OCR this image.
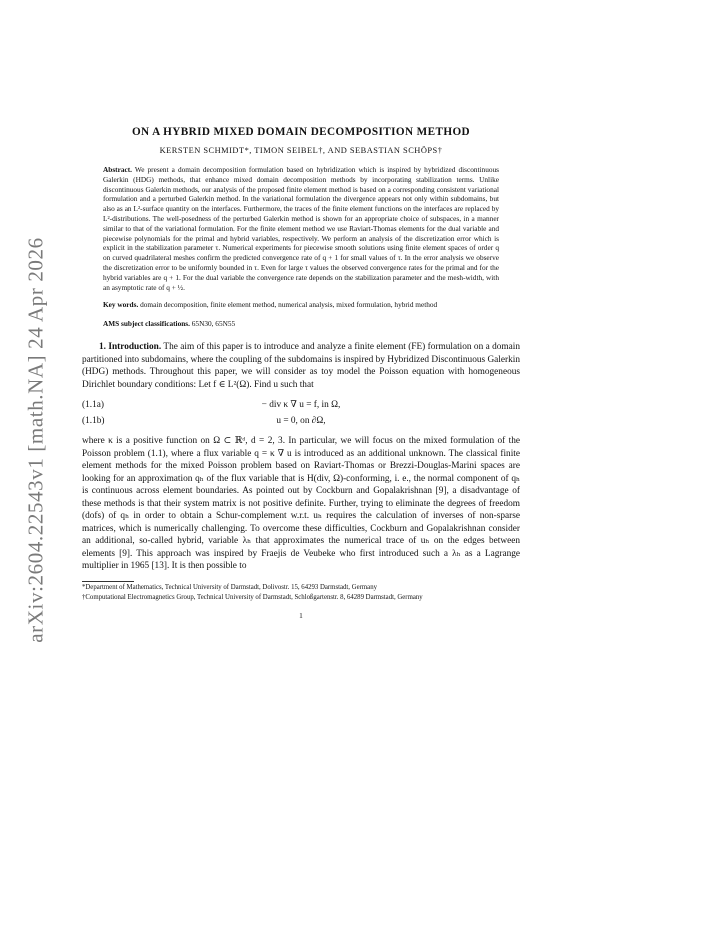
arXiv:2604.22543v1 [math.NA] 24 Apr 2026
ON A HYBRID MIXED DOMAIN DECOMPOSITION METHOD
KERSTEN SCHMIDT*, TIMON SEIBEL†, AND SEBASTIAN SCHÖPS†
Abstract. We present a domain decomposition formulation based on hybridization which is inspired by hybridized discontinuous Galerkin (HDG) methods, that enhance mixed domain decomposition methods by incorporating stabilization terms. Unlike discontinuous Galerkin methods, our analysis of the proposed finite element method is based on a corresponding consistent variational formulation and a perturbed Galerkin method. In the variational formulation the divergence appears not only within subdomains, but also as an L²-surface quantity on the interfaces. Furthermore, the traces of the finite element functions on the interfaces are replaced by L²-distributions. The well-posedness of the perturbed Galerkin method is shown for an appropriate choice of subspaces, in a manner similar to that of the variational formulation. For the finite element method we use Raviart-Thomas elements for the dual variable and piecewise polynomials for the primal and hybrid variables, respectively. We perform an analysis of the discretization error which is explicit in the stabilization parameter τ. Numerical experiments for piecewise smooth solutions using finite element spaces of order q on curved quadrilateral meshes confirm the predicted convergence rate of q + 1 for small values of τ. In the error analysis we observe the discretization error to be uniformly bounded in τ. Even for large τ values the observed convergence rates for the primal and for the hybrid variables are q + 1. For the dual variable the convergence rate depends on the stabilization parameter and the mesh-width, with an asymptotic rate of q + ½.
Key words. domain decomposition, finite element method, numerical analysis, mixed formulation, hybrid method
AMS subject classifications. 65N30, 65N55
1. Introduction. The aim of this paper is to introduce and analyze a finite element (FE) formulation on a domain partitioned into subdomains, where the coupling of the subdomains is inspired by Hybridized Discontinuous Galerkin (HDG) methods. Throughout this paper, we will consider as toy model the Poisson equation with homogeneous Dirichlet boundary conditions: Let f ∈ L²(Ω). Find u such that
− div κ ∇ u = f, in Ω,
(1.1a)
u = 0, on ∂Ω,
(1.1b)
where κ is a positive function on Ω ⊂ ℝᵈ, d = 2, 3. In particular, we will focus on the mixed formulation of the Poisson problem (1.1), where a flux variable q = κ ∇ u is introduced as an additional unknown. The classical finite element methods for the mixed Poisson problem based on Raviart-Thomas or Brezzi-Douglas-Marini spaces are looking for an approximation qₕ of the flux variable that is H(div, Ω)-conforming, i. e., the normal component of qₕ is continuous across element boundaries. As pointed out by Cockburn and Gopalakrishnan [9], a disadvantage of these methods is that their system matrix is not positive definite. Further, trying to eliminate the degrees of freedom (dofs) of qₕ in order to obtain a Schur-complement w.r.t. uₕ requires the calculation of inverses of non-sparse matrices, which is numerically challenging. To overcome these difficulties, Cockburn and Gopalakrishnan consider an additional, so-called hybrid, variable λₕ that approximates the numerical trace of uₕ on the edges between elements [9]. This approach was inspired by Fraejis de Veubeke who first introduced such a λₕ as a Lagrange multiplier in 1965 [13]. It is then possible to
*Department of Mathematics, Technical University of Darmstadt, Dolivostr. 15, 64293 Darmstadt, Germany
†Computational Electromagnetics Group, Technical University of Darmstadt, Schloßgartenstr. 8, 64289 Darmstadt, Germany
1
